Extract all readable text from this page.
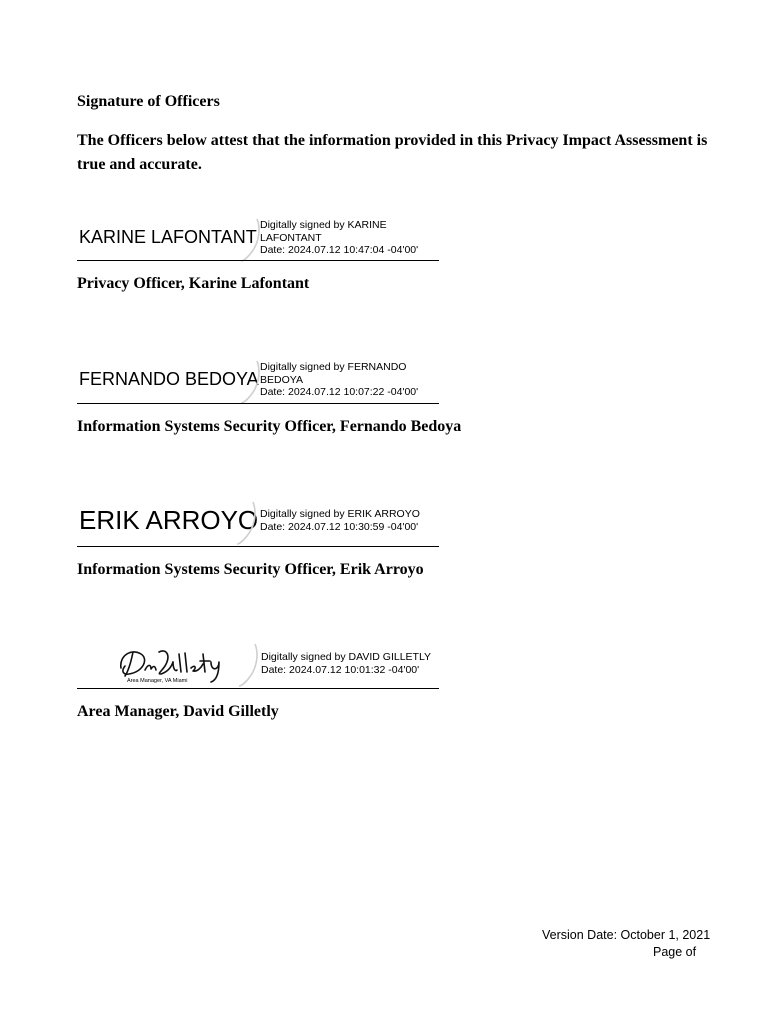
Signature of Officers
The Officers below attest that the information provided in this Privacy Impact Assessment is true and accurate.
KARINE LAFONTANT
Digitally signed by KARINE
LAFONTANT
Date: 2024.07.12 10:47:04 -04'00'
Privacy Officer, Karine Lafontant
FERNANDO BEDOYA
Digitally signed by FERNANDO
BEDOYA
Date: 2024.07.12 10:07:22 -04'00'
Information Systems Security Officer, Fernando Bedoya
ERIK ARROYO Digitally signed by ERIK ARROYO
Date: 2024.07.12 10:30:59 -04'00'
Information Systems Security Officer, Erik Arroyo
Area Manager, VA Miami
Digitally signed by DAVID GILLETLY
Date: 2024.07.12 10:01:32 -04'00'
Area Manager, David Gilletly
Version Date: October 1, 2021
Page of
